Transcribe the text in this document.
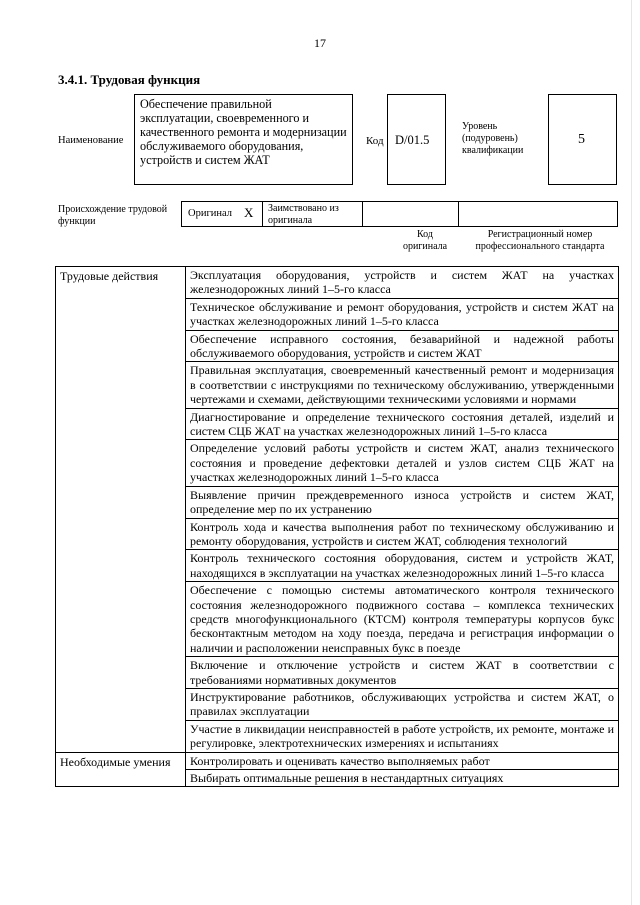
17
3.4.1. Трудовая функция
Наименование
Обеспечение правильной эксплуатации, своевременного и качественного ремонта и модернизации обслуживаемого оборудования, устройств и систем ЖАТ
Код D/01.5
Уровень (подуровень) квалификации
5
Происхождение трудовой функции
Оригинал X Заимствовано из оригинала
Код оригинала
Регистрационный номер профессионального стандарта
Трудовые действия	Эксплуатация оборудования, устройств и систем ЖАТ на участках железнодорожных линий 1–5-го класса
	Техническое обслуживание и ремонт оборудования, устройств и систем ЖАТ на участках железнодорожных линий 1–5-го класса
	Обеспечение исправного состояния, безаварийной и надежной работы обслуживаемого оборудования, устройств и систем ЖАТ
	Правильная эксплуатация, своевременный качественный ремонт и модернизация в соответствии с инструкциями по техническому обслуживанию, утвержденными чертежами и схемами, действующими техническими условиями и нормами
	Диагностирование и определение технического состояния деталей, изделий и систем СЦБ ЖАТ на участках железнодорожных линий 1–5-го класса
	Определение условий работы устройств и систем ЖАТ, анализ технического состояния и проведение дефектовки деталей и узлов систем СЦБ ЖАТ на участках железнодорожных линий 1–5-го класса
	Выявление причин преждевременного износа устройств и систем ЖАТ, определение мер по их устранению
	Контроль хода и качества выполнения работ по техническому обслуживанию и ремонту оборудования, устройств и систем ЖАТ, соблюдения технологий
	Контроль технического состояния оборудования, систем и устройств ЖАТ, находящихся в эксплуатации на участках железнодорожных линий 1–5-го класса
	Обеспечение с помощью системы автоматического контроля технического состояния железнодорожного подвижного состава – комплекса технических средств многофункционального (КТСМ) контроля температуры корпусов букс бесконтактным методом на ходу поезда, передача и регистрация информации о наличии и расположении неисправных букс в поезде
	Включение и отключение устройств и систем ЖАТ в соответствии с требованиями нормативных документов
	Инструктирование работников, обслуживающих устройства и систем ЖАТ, о правилах эксплуатации
	Участие в ликвидации неисправностей в работе устройств, их ремонте, монтаже и регулировке, электротехнических измерениях и испытаниях
Необходимые умения	Контролировать и оценивать качество выполняемых работ
	Выбирать оптимальные решения в нестандартных ситуациях
